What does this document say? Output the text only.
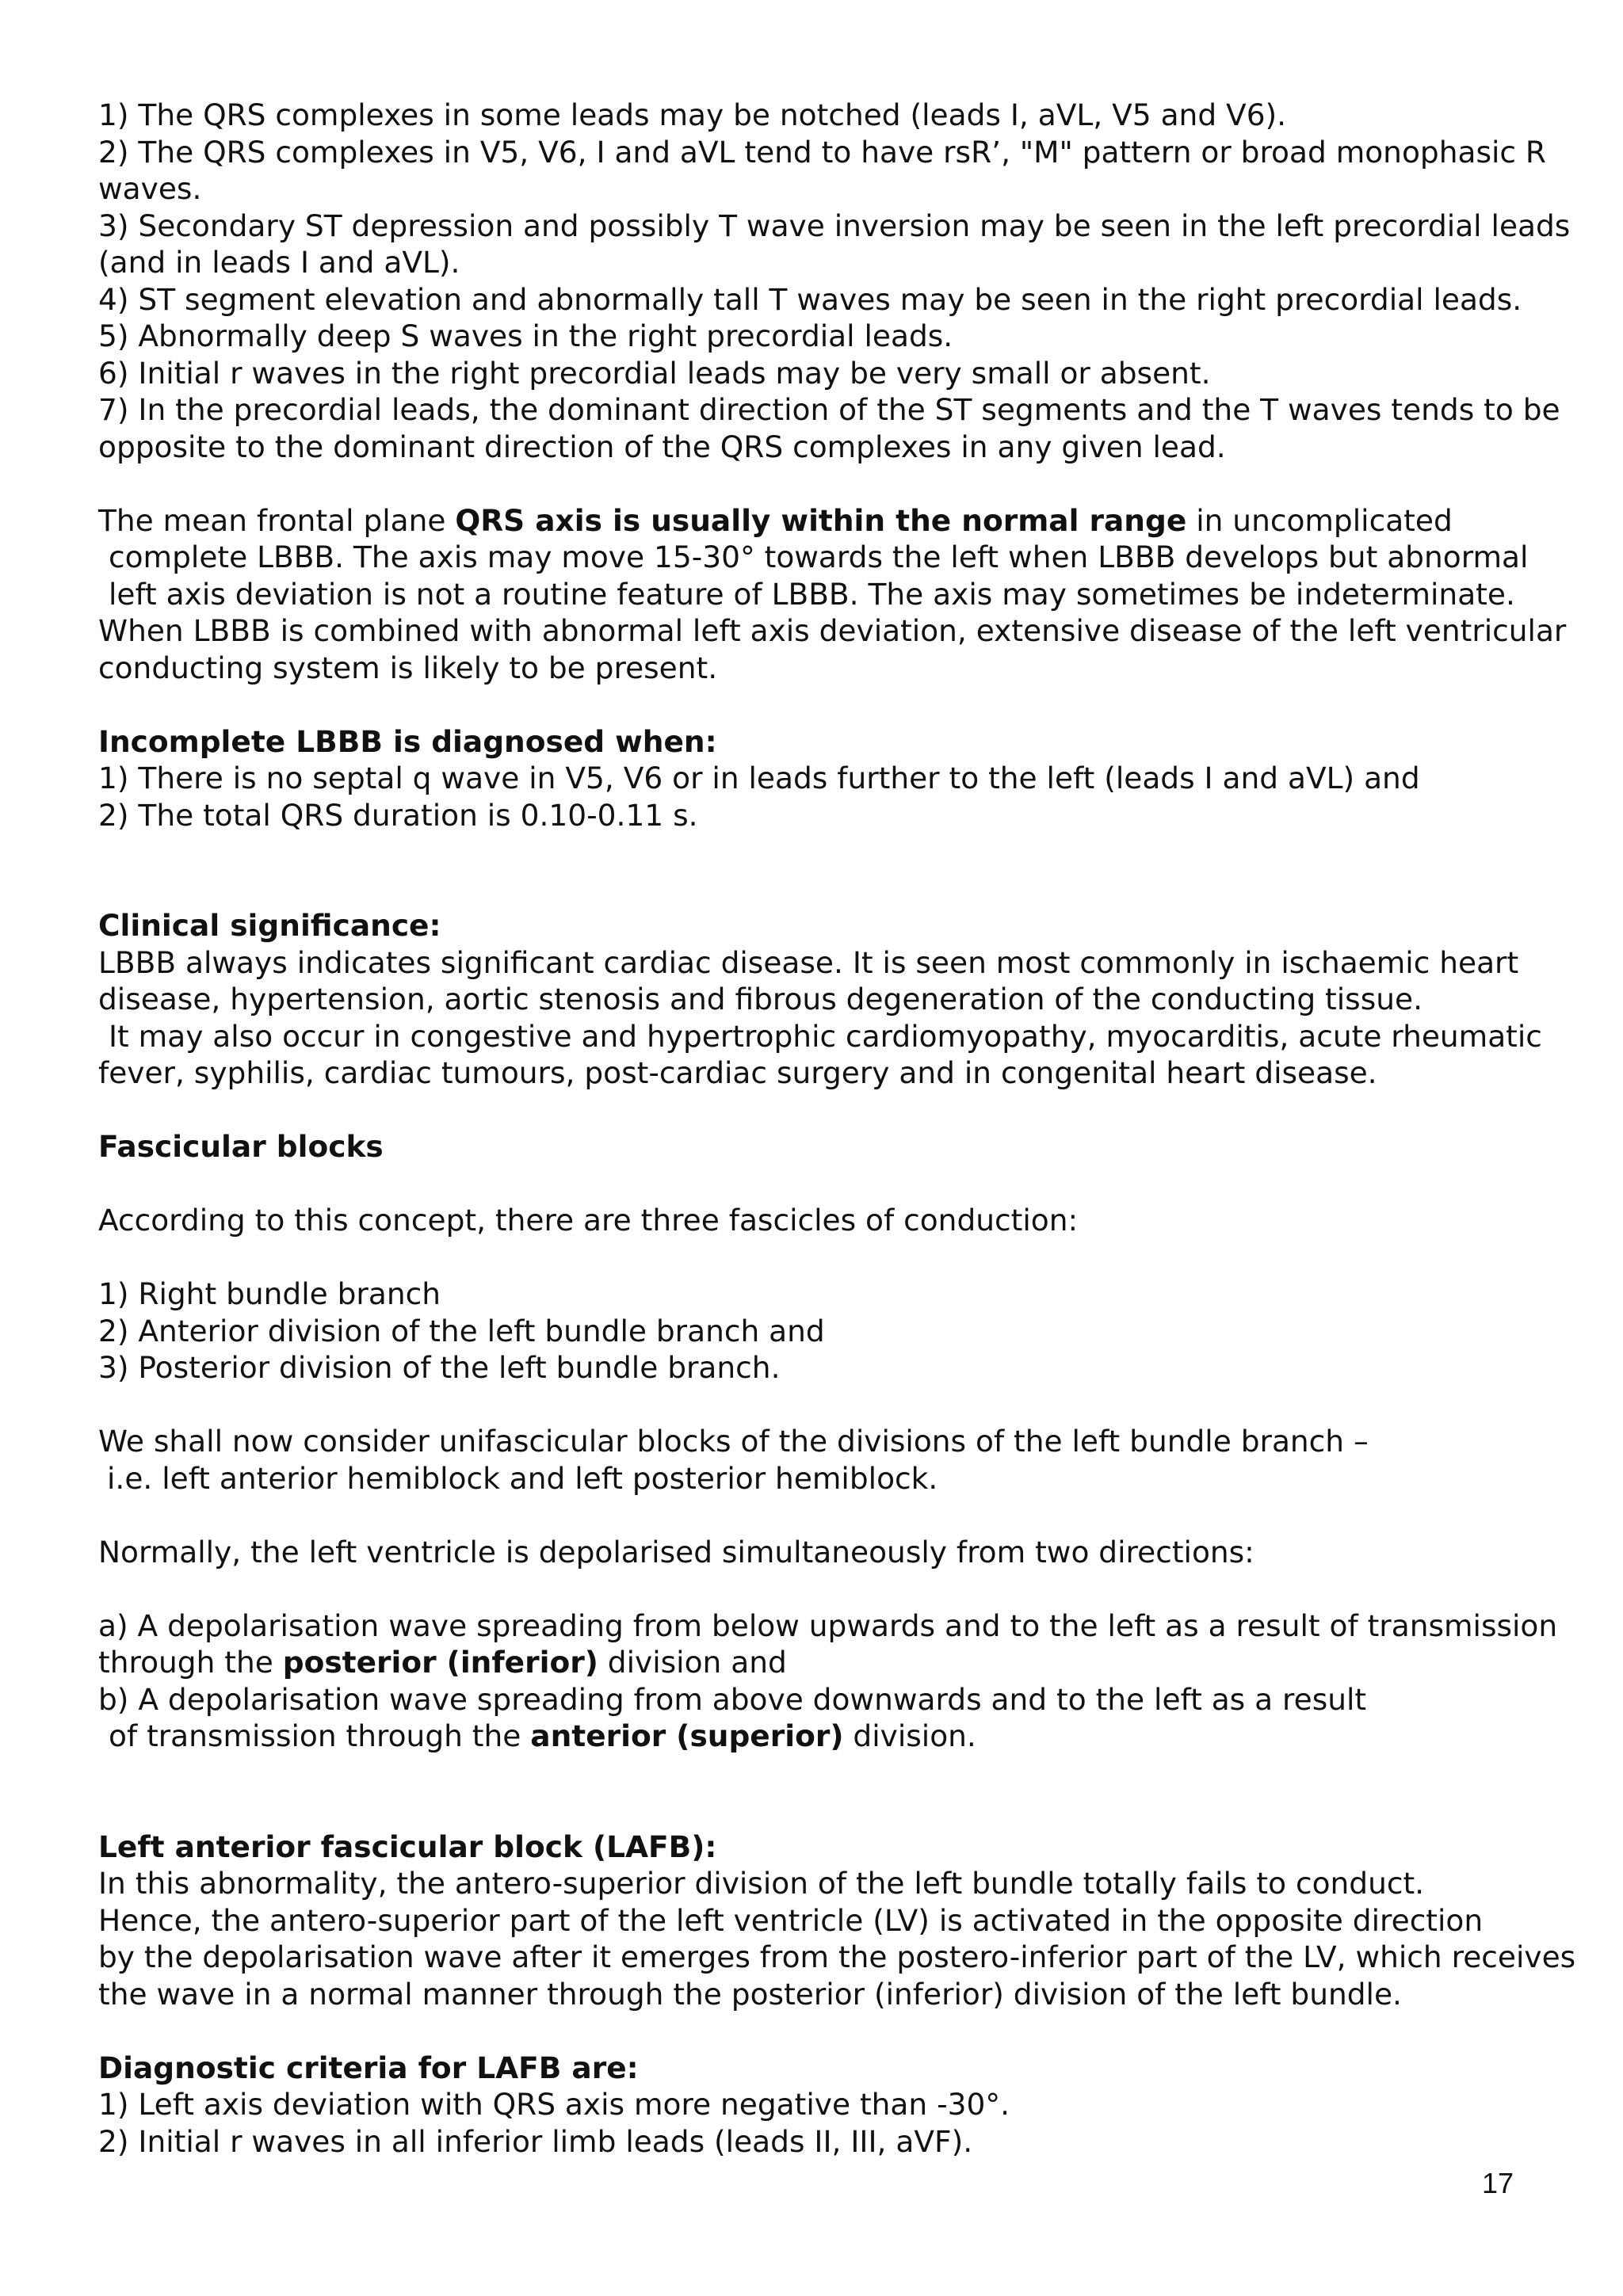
1) The QRS complexes in some leads may be notched (leads I, aVL, V5 and V6).

2) The QRS complexes in V5, V6, I and aVL tend to have rsR’, "M" pattern or broad monophasic R

waves.

3) Secondary ST depression and possibly T wave inversion may be seen in the left precordial leads

(and in leads I and aVL).

4) ST segment elevation and abnormally tall T waves may be seen in the right precordial leads.

5) Abnormally deep S waves in the right precordial leads.

6) Initial r waves in the right precordial leads may be very small or absent.

7) In the precordial leads, the dominant direction of the ST segments and the T waves tends to be

opposite to the dominant direction of the QRS complexes in any given lead.

The mean frontal plane QRS axis is usually within the normal range in uncomplicated

complete LBBB. The axis may move 15-30° towards the left when LBBB develops but abnormal

left axis deviation is not a routine feature of LBBB. The axis may sometimes be indeterminate.

When LBBB is combined with abnormal left axis deviation, extensive disease of the left ventricular

conducting system is likely to be present.

Incomplete LBBB is diagnosed when:

1) There is no septal q wave in V5, V6 or in leads further to the left (leads I and aVL) and

2) The total QRS duration is 0.10-0.11 s.

Clinical significance:

LBBB always indicates significant cardiac disease. It is seen most commonly in ischaemic heart

disease, hypertension, aortic stenosis and fibrous degeneration of the conducting tissue.

It may also occur in congestive and hypertrophic cardiomyopathy, myocarditis, acute rheumatic

fever, syphilis, cardiac tumours, post-cardiac surgery and in congenital heart disease.

Fascicular blocks

According to this concept, there are three fascicles of conduction:

1) Right bundle branch

2) Anterior division of the left bundle branch and

3) Posterior division of the left bundle branch.

We shall now consider unifascicular blocks of the divisions of the left bundle branch –

i.e. left anterior hemiblock and left posterior hemiblock.

Normally, the left ventricle is depolarised simultaneously from two directions:

a) A depolarisation wave spreading from below upwards and to the left as a result of transmission

through the posterior (inferior) division and

b) A depolarisation wave spreading from above downwards and to the left as a result

of transmission through the anterior (superior) division.

Left anterior fascicular block (LAFB):

In this abnormality, the antero-superior division of the left bundle totally fails to conduct.

Hence, the antero-superior part of the left ventricle (LV) is activated in the opposite direction

by the depolarisation wave after it emerges from the postero-inferior part of the LV, which receives

the wave in a normal manner through the posterior (inferior) division of the left bundle.

Diagnostic criteria for LAFB are:

1) Left axis deviation with QRS axis more negative than -30°.

2) Initial r waves in all inferior limb leads (leads II, III, aVF).

17
